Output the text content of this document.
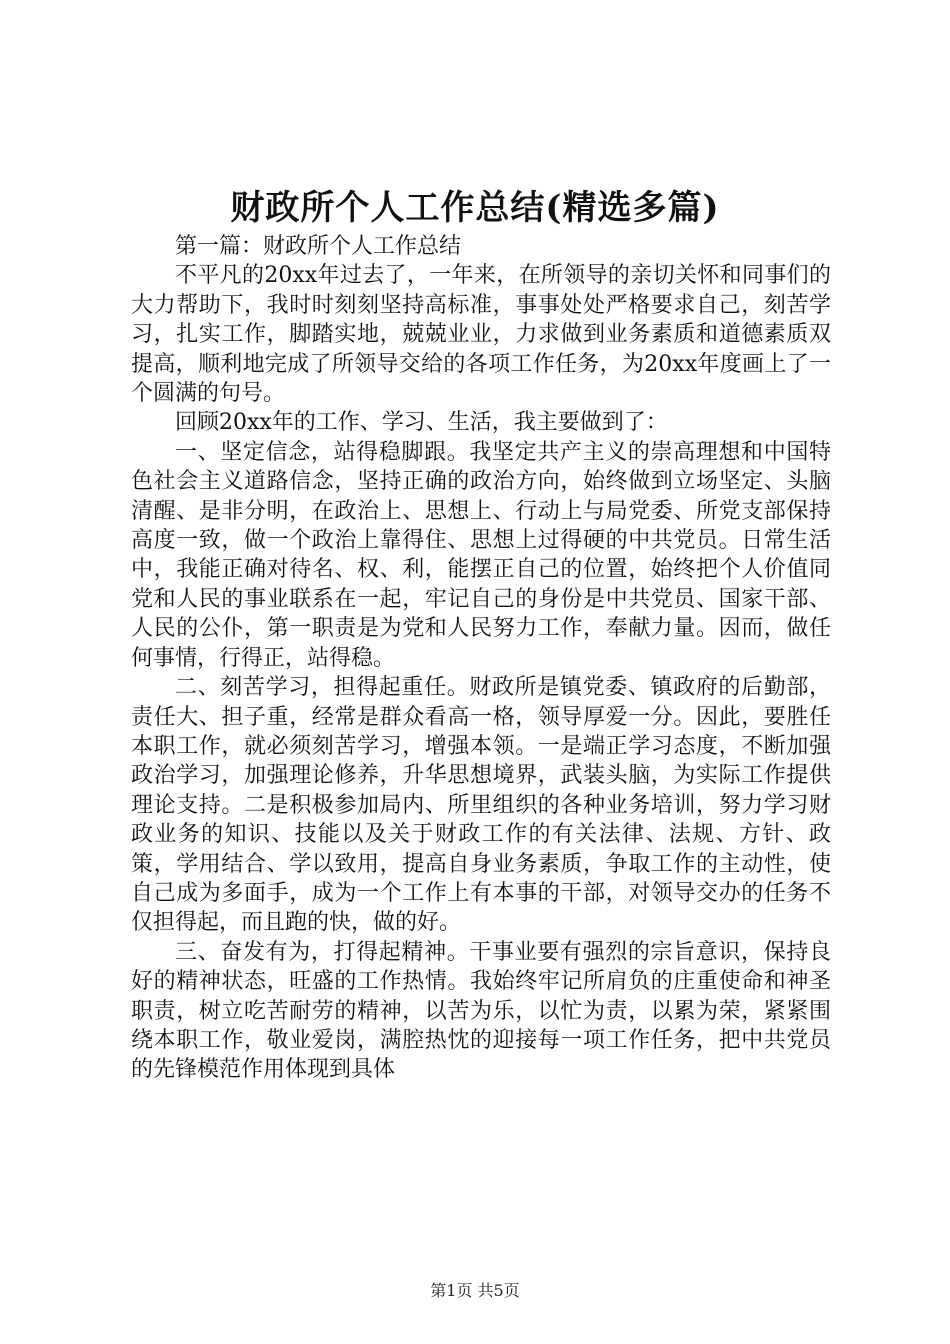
财政所个人工作总结(精选多篇)

第一篇：财政所个人工作总结

不平凡的20xx年过去了，一年来，在所领导的亲切关怀和同事们的大力帮助下，我时时刻刻坚持高标准，事事处处严格要求自己，刻苦学习，扎实工作，脚踏实地，兢兢业业，力求做到业务素质和道德素质双提高，顺利地完成了所领导交给的各项工作任务，为20xx年度画上了一个圆满的句号。

回顾20xx年的工作、学习、生活，我主要做到了：

一、坚定信念，站得稳脚跟。我坚定共产主义的崇高理想和中国特色社会主义道路信念，坚持正确的政治方向，始终做到立场坚定、头脑清醒、是非分明，在政治上、思想上、行动上与局党委、所党支部保持高度一致，做一个政治上靠得住、思想上过得硬的中共党员。日常生活中，我能正确对待名、权、利，能摆正自己的位置，始终把个人价值同党和人民的事业联系在一起，牢记自己的身份是中共党员、国家干部、人民的公仆，第一职责是为党和人民努力工作，奉献力量。因而，做任何事情，行得正，站得稳。

二、刻苦学习，担得起重任。财政所是镇党委、镇政府的后勤部，责任大、担子重，经常是群众看高一格，领导厚爱一分。因此，要胜任本职工作，就必须刻苦学习，增强本领。一是端正学习态度，不断加强政治学习，加强理论修养，升华思想境界，武装头脑，为实际工作提供理论支持。二是积极参加局内、所里组织的各种业务培训，努力学习财政业务的知识、技能以及关于财政工作的有关法律、法规、方针、政策，学用结合、学以致用，提高自身业务素质，争取工作的主动性，使自己成为多面手，成为一个工作上有本事的干部，对领导交办的任务不仅担得起，而且跑的快，做的好。

三、奋发有为，打得起精神。干事业要有强烈的宗旨意识，保持良好的精神状态，旺盛的工作热情。我始终牢记所肩负的庄重使命和神圣职责，树立吃苦耐劳的精神，以苦为乐，以忙为责，以累为荣，紧紧围绕本职工作，敬业爱岗，满腔热忱的迎接每一项工作任务，把中共党员的先锋模范作用体现到具体

第1页 共5页
